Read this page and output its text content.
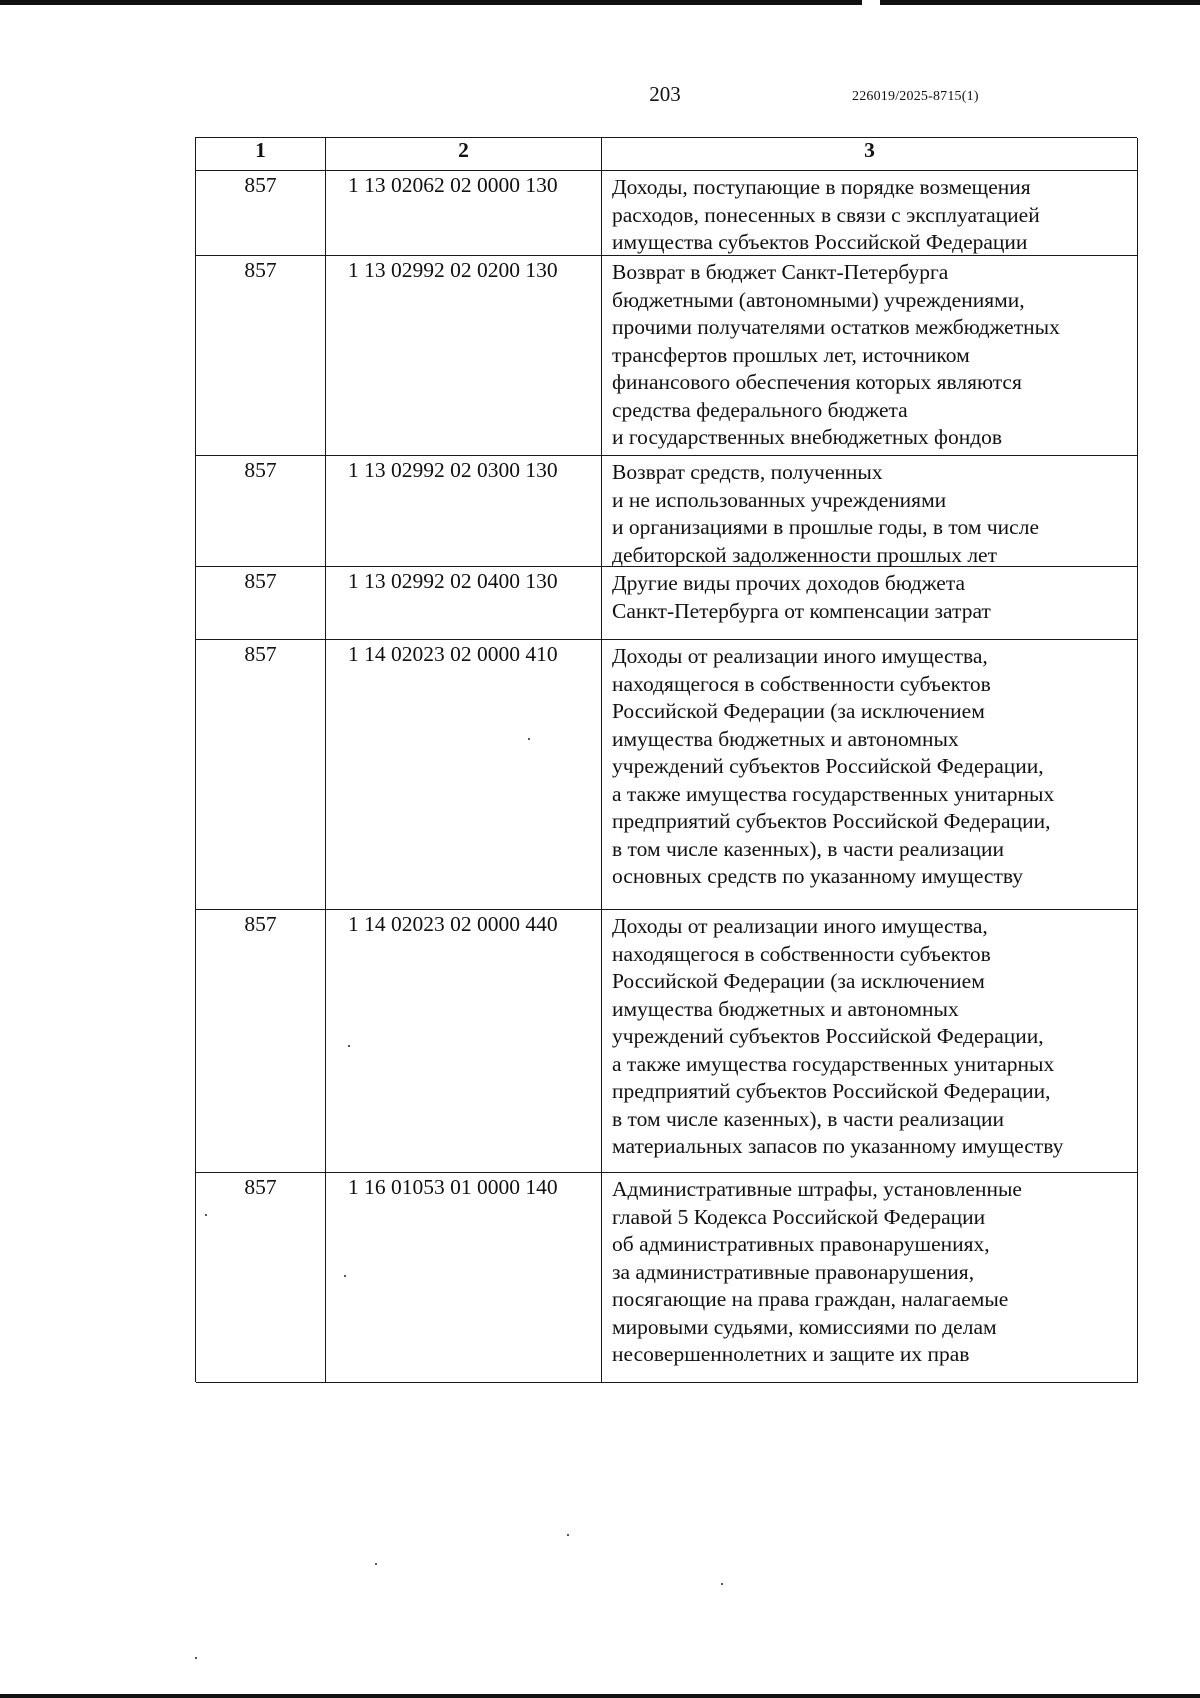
203	226019/2025-8715(1)
1	2	3
857	1 13 02062 02 0000 130	Доходы, поступающие в порядке возмещения
расходов, понесенных в связи с эксплуатацией
имущества субъектов Российской Федерации
857	1 13 02992 02 0200 130	Возврат в бюджет Санкт-Петербурга
бюджетными (автономными) учреждениями,
прочими получателями остатков межбюджетных
трансфертов прошлых лет, источником
финансового обеспечения которых являются
средства федерального бюджета
и государственных внебюджетных фондов
857	1 13 02992 02 0300 130	Возврат средств, полученных
и не использованных учреждениями
и организациями в прошлые годы, в том числе
дебиторской задолженности прошлых лет
857	1 13 02992 02 0400 130	Другие виды прочих доходов бюджета
Санкт-Петербурга от компенсации затрат
857	1 14 02023 02 0000 410	Доходы от реализации иного имущества,
находящегося в собственности субъектов
Российской Федерации (за исключением
имущества бюджетных и автономных
учреждений субъектов Российской Федерации,
а также имущества государственных унитарных
предприятий субъектов Российской Федерации,
в том числе казенных), в части реализации
основных средств по указанному имуществу
857	1 14 02023 02 0000 440	Доходы от реализации иного имущества,
находящегося в собственности субъектов
Российской Федерации (за исключением
имущества бюджетных и автономных
учреждений субъектов Российской Федерации,
а также имущества государственных унитарных
предприятий субъектов Российской Федерации,
в том числе казенных), в части реализации
материальных запасов по указанному имуществу
857	1 16 01053 01 0000 140	Административные штрафы, установленные
главой 5 Кодекса Российской Федерации
об административных правонарушениях,
за административные правонарушения,
посягающие на права граждан, налагаемые
мировыми судьями, комиссиями по делам
несовершеннолетних и защите их прав
